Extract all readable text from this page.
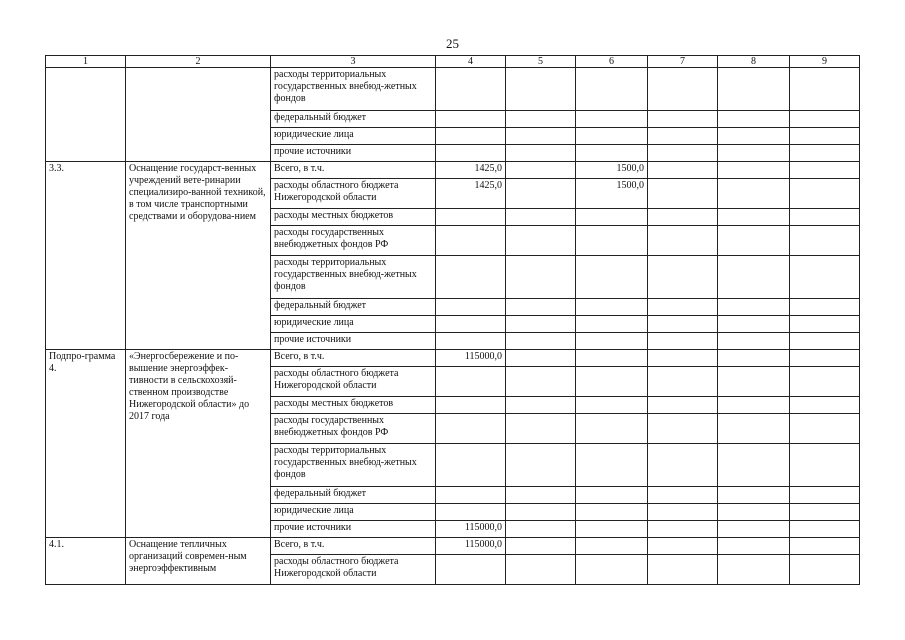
25
1	2	3	4	5	6	7	8	9
		расходы территориальных государственных внебюд-жетных фондов						
		федеральный бюджет						
		юридические лица						
		прочие источники						
3.3.	Оснащение государст-венных учреждений вете-ринарии специализиро-ванной техникой, в том числе транспортными средствами и оборудова-нием	Всего, в т.ч.	1425,0		1500,0			
		расходы областного бюджета Нижегородской области	1425,0		1500,0			
		расходы местных бюджетов						
		расходы государственных внебюджетных фондов РФ						
		расходы территориальных государственных внебюд-жетных фондов						
		федеральный бюджет						
		юридические лица						
		прочие источники						
Подпро-грамма 4.	«Энергосбережение и по-вышение энергоэффек-тивности в сельскохозяй-ственном производстве Нижегородской области» до 2017 года	Всего, в т.ч.	115000,0					
		расходы областного бюджета Нижегородской области						
		расходы местных бюджетов						
		расходы государственных внебюджетных фондов РФ						
		расходы территориальных государственных внебюд-жетных фондов						
		федеральный бюджет						
		юридические лица						
		прочие источники	115000,0					
4.1.	Оснащение тепличных организаций современ-ным энергоэффективным	Всего, в т.ч.	115000,0					
		расходы областного бюджета Нижегородской области						
